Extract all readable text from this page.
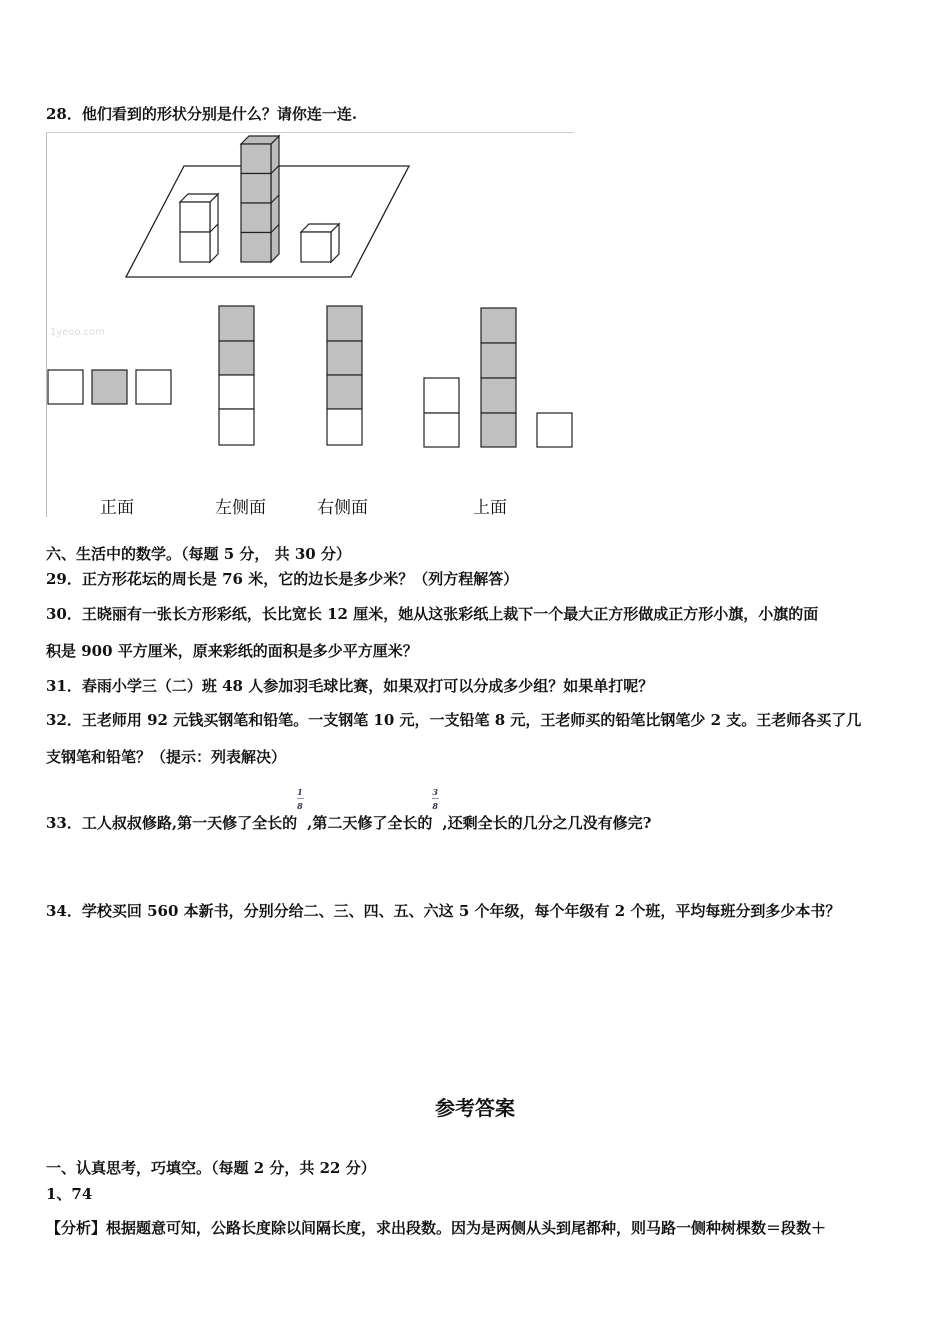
28．他们看到的形状分别是什么？请你连一连.
1yeoo.com
正面	左侧面	右侧面	上面
六、生活中的数学。（每题 5 分， 共 30 分）
29．正方形花坛的周长是 76 米，它的边长是多少米？（列方程解答）
30．王晓丽有一张长方形彩纸，长比宽长 12 厘米，她从这张彩纸上裁下一个最大正方形做成正方形小旗，小旗的面
积是 900 平方厘米，原来彩纸的面积是多少平方厘米？
31．春雨小学三（二）班 48 人参加羽毛球比赛，如果双打可以分成多少组？如果单打呢？
32．王老师用 92 元钱买钢笔和铅笔。一支钢笔 10 元，一支铅笔 8 元，王老师买的铅笔比钢笔少 2 支。王老师各买了几
支钢笔和铅笔？（提示：列表解决）
33．工人叔叔修路,第一天修了全长的 $\frac{1}{8}$ ,第二天修了全长的 $\frac{3}{8}$ ,还剩全长的几分之几没有修完?
34．学校买回 560 本新书，分别分给二、三、四、五、六这 5 个年级，每个年级有 2 个班，平均每班分到多少本书？
参考答案
一、认真思考，巧填空。（每题 2 分，共 22 分）
1、74
【分析】根据题意可知，公路长度除以间隔长度，求出段数。因为是两侧从头到尾都种，则马路一侧种树棵数＝段数＋
